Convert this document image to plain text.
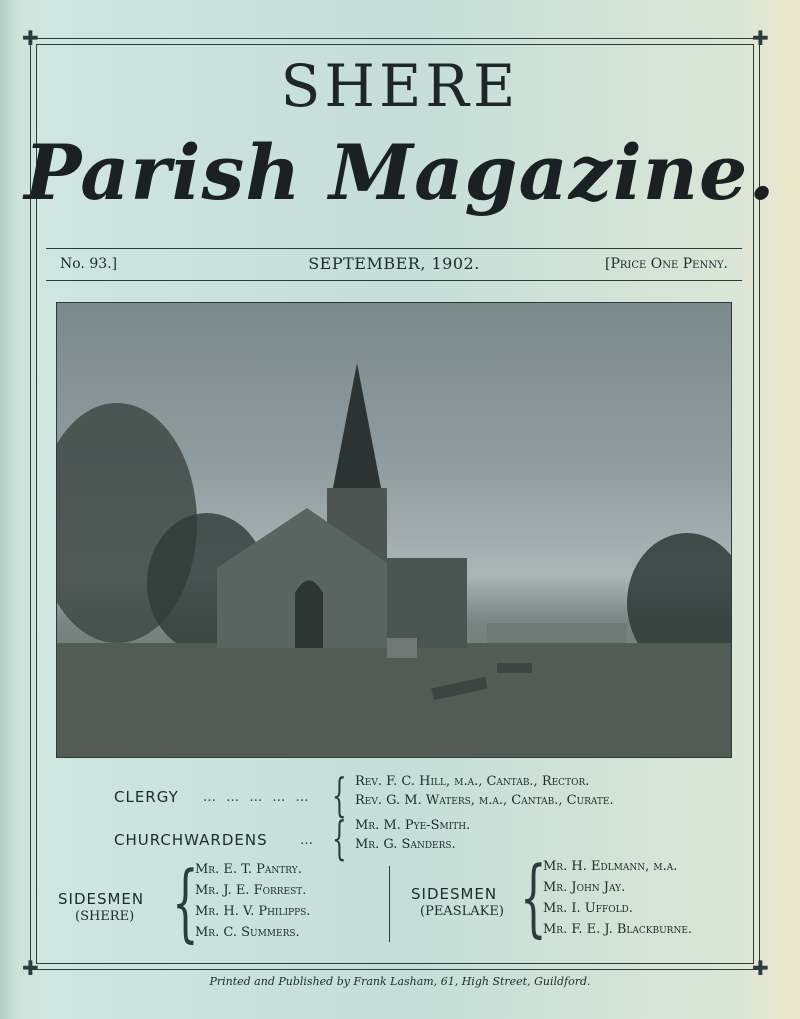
✚	✚
✚	✚
SHERE
Parish Magazine.
No. 93.]	SEPTEMBER, 1902.	[Price One Penny.
CLERGY … … … … … { Rev. F. C. Hill, m.a., Cantab., Rector.
Rev. G. M. Waters, m.a., Cantab., Curate.
CHURCHWARDENS … { Mr. M. Pye-Smith.
Mr. G. Sanders.
SIDESMEN
(SHERE) {
Mr. E. T. Pantry.
Mr. J. E. Forrest.
Mr. H. V. Philipps.
Mr. C. Summers.
SIDESMEN
(PEASLAKE) {
Mr. H. Edlmann, m.a.
Mr. John Jay.
Mr. I. Uffold.
Mr. F. E. J. Blackburne.
Printed and Published by Frank Lasham, 61, High Street, Guildford.
